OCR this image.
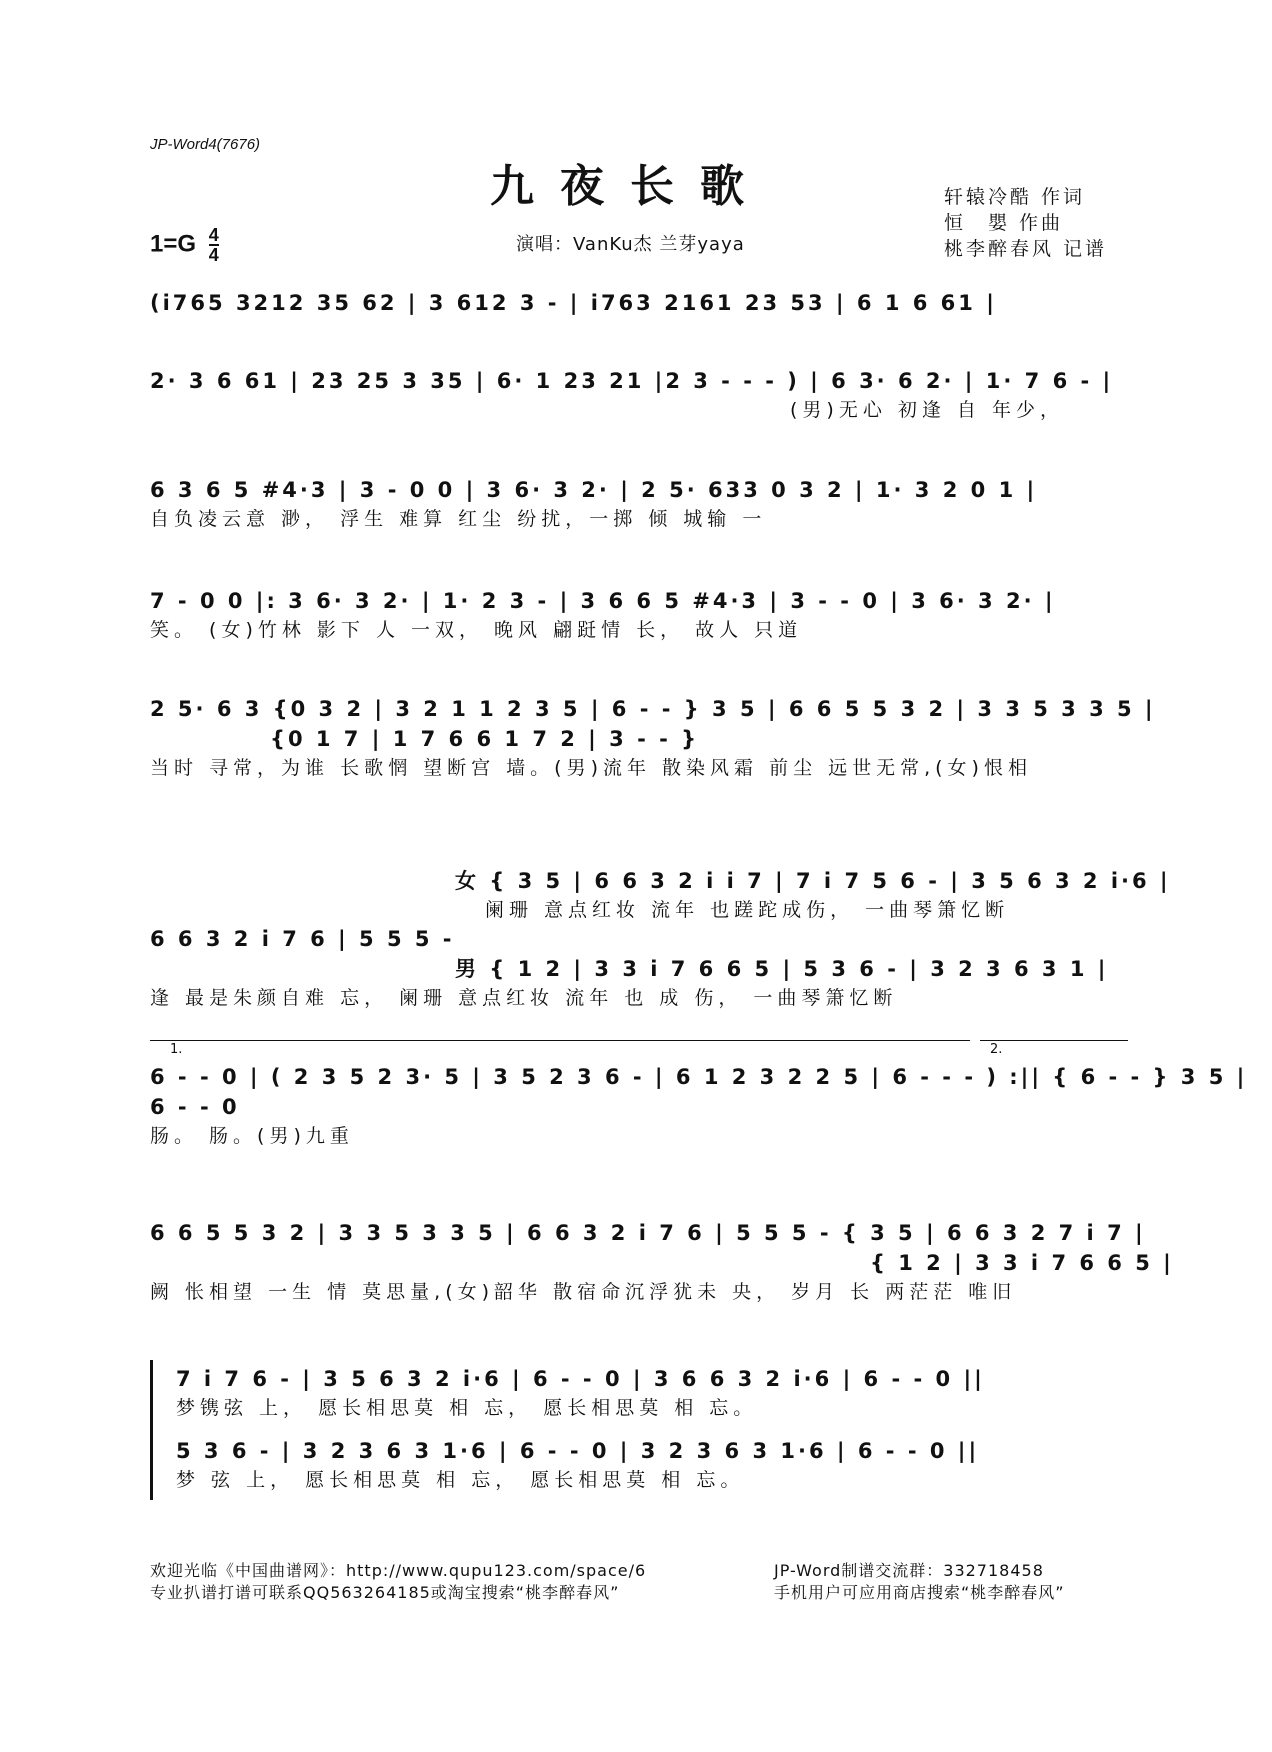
JP-Word4(7676)
九夜长歌
$1=G \frac{4}{4}$	演唱：VanKu杰 兰芽yaya
轩辕冷酷 作词
恒　嬰 作曲
桃李醉春风 记谱
(i765 3212 35 62 | 3 612 3 - | i763 2161 23 53 | 6 1 6 61 |
2· 3 6 61 | 23 25 3 35 | 6· 1 23 21 |2 3 - - - ) | 6 3· 6 2· | 1· 7 6 - |
(男)无心 初逢 自 年少，
6 3 6 5 #4·3 | 3 - 0 0 | 3 6· 3 2· | 2 5· 633 0 3 2 | 1· 3 2 0 1 |
自负凌云意 渺， 浮生 难算 红尘 纷扰，一掷 倾 城输 一
7 - 0 0 |: 3 6· 3 2· | 1· 2 3 - | 3 6 6 5 #4·3 | 3 - - 0 | 3 6· 3 2· |
笑。 (女)竹林 影下 人 一双， 晚风 翩跹情 长， 故人 只道
2 5· 6 3 {0 3 2 | 3 2 1 1 2 3 5 | 6 - - } 3 5 | 6 6 5 5 3 2 | 3 3 5 3 3 5 |
{0 1 7 | 1 7 6 6 1 7 2 | 3 - - }
当时 寻常，为谁 长歌惘 望断宫 墙。(男)流年 散染风霜 前尘 远世无常,(女)恨相
女 { 3 5 | 6 6 3 2 i i 7 | 7 i 7 5 6 - | 3 5 6 3 2 i·6 |
阑珊 意点红妆 流年 也蹉跎成伤， 一曲琴箫忆断
6 6 3 2 i 7 6 | 5 5 5 -
男 { 1 2 | 3 3 i 7 6 6 5 | 5 3 6 - | 3 2 3 6 3 1 |
逢 最是朱颜自难 忘， 阑珊 意点红妆 流年 也 成 伤， 一曲琴箫忆断
1.	2.
6 - - 0 | ( 2 3 5 2 3· 5 | 3 5 2 3 6 - | 6 1 2 3 2 2 5 | 6 - - - ) :|| { 6 - - } 3 5 |
6 - - 0
肠。 肠。(男)九重
6 6 5 5 3 2 | 3 3 5 3 3 5 | 6 6 3 2 i 7 6 | 5 5 5 - { 3 5 | 6 6 3 2 7 i 7 |
{ 1 2 | 3 3 i 7 6 6 5 |
阙 怅相望 一生 情 莫思量,(女)韶华 散宿命沉浮犹未 央， 岁月 长 两茫茫 唯旧
7 i 7 6 - | 3 5 6 3 2 i·6 | 6 - - 0 | 3 6 6 3 2 i·6 | 6 - - 0 ||
梦镌弦 上， 愿长相思莫 相 忘， 愿长相思莫 相 忘。
5 3 6 - | 3 2 3 6 3 1·6 | 6 - - 0 | 3 2 3 6 3 1·6 | 6 - - 0 ||
梦 弦 上， 愿长相思莫 相 忘， 愿长相思莫 相 忘。
欢迎光临《中国曲谱网》：http://www.qupu123.com/space/6
专业扒谱打谱可联系QQ563264185或淘宝搜索“桃李醉春风”
JP-Word制谱交流群：332718458
手机用户可应用商店搜索“桃李醉春风”
